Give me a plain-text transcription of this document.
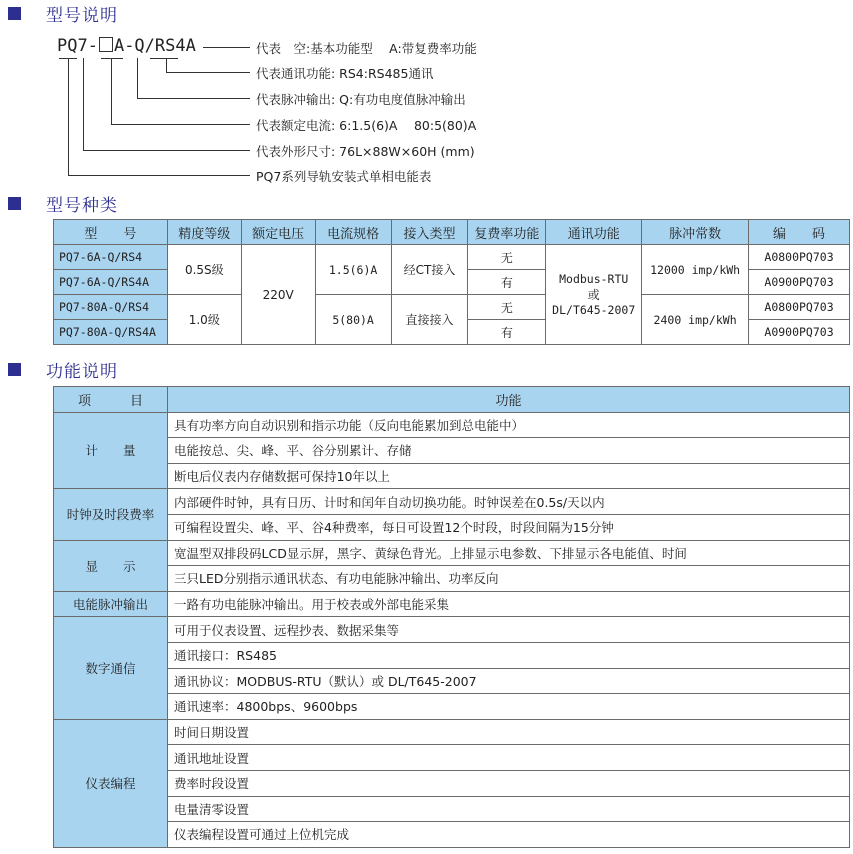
型号说明
PQ7- A-Q/RS4A	代表　空:基本功能型　 A:带复费率功能
代表通讯功能: RS4:RS485通讯
代表脉冲输出: Q:有功电度值脉冲输出
代表额定电流: 6:1.5(6)A　 80:5(80)A
代表外形尺寸: 76L×88W×60H (mm)
PQ7系列导轨安装式单相电能表
型号种类
型　　号	精度等级	额定电压	电流规格	接入类型	复费率功能	通讯功能	脉冲常数	编　　码
PQ7-6A-Q/RS4	0.5S级	220V	1.5(6)A	经CT接入	无	Modbus-RTU
或
DL/T645-2007	12000 imp/kWh	A0800PQ703
PQ7-6A-Q/RS4A					有			A0900PQ703
PQ7-80A-Q/RS4	1.0级		5(80)A	直接接入	无		2400 imp/kWh	A0800PQ703
PQ7-80A-Q/RS4A					有			A0900PQ703
功能说明
项　　　目	功能
计　　量	具有功率方向自动识别和指示功能（反向电能累加到总电能中）
	电能按总、尖、峰、平、谷分别累计、存储
	断电后仪表内存储数据可保持10年以上
时钟及时段费率	内部硬件时钟，具有日历、计时和闰年自动切换功能。时钟误差在0.5s/天以内
	可编程设置尖、峰、平、谷4种费率，每日可设置12个时段，时段间隔为15分钟
显　　示	宽温型双排段码LCD显示屏，黑字、黄绿色背光。上排显示电参数、下排显示各电能值、时间
	三只LED分别指示通讯状态、有功电能脉冲输出、功率反向
电能脉冲输出	一路有功电能脉冲输出。用于校表或外部电能采集
数字通信	可用于仪表设置、远程抄表、数据采集等
	通讯接口：RS485
	通讯协议：MODBUS-RTU（默认）或 DL/T645-2007
	通讯速率：4800bps、9600bps
仪表编程	时间日期设置
	通讯地址设置
	费率时段设置
	电量清零设置
	仪表编程设置可通过上位机完成
